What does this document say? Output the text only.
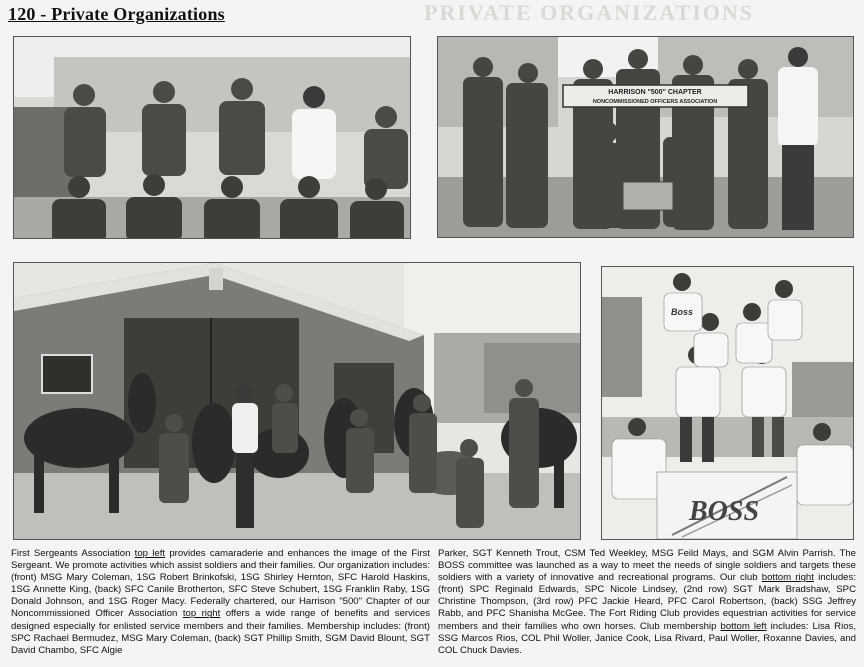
PRIVATE ORGANIZATIONS
120 - Private Organizations
HARRISON "500" CHAPTER
NONCOMMISSIONED OFFICERS ASSOCIATION
Boss
BOSS
First Sergeants Association top left provides camaraderie and enhances the image of the First Sergeant. We promote activities which assist soldiers and their families. Our organization includes: (front) MSG Mary Coleman, 1SG Robert Brinkofski, 1SG Shirley Hernton, SFC Harold Haskins, 1SG Annette King, (back) SFC Canile Brotherton, SFC Steve Schubert, 1SG Franklin Raby, 1SG Donald Johnson, and 1SG Roger Macy. Federally chartered, our Harrison "500" Chapter of our Noncommissioned Officer Association top right offers a wide range of benefits and services designed especially for enlisted service members and their families. Membership includes: (front) SPC Rachael Bermudez, MSG Mary Coleman, (back) SGT Phillip Smith, SGM David Blount, SGT David Chambo, SFC Algie
Parker, SGT Kenneth Trout, CSM Ted Weekley, MSG Feild Mays, and SGM Alvin Parrish. The BOSS committee was launched as a way to meet the needs of single soldiers and targets these soldiers with a variety of innovative and recreational programs. Our club bottom right includes: (front) SPC Reginald Edwards, SPC Nicole Lindsey, (2nd row) SGT Mark Bradshaw, SPC Christine Thompson, (3rd row) PFC Jackie Heard, PFC Carol Robertson, (back) SSG Jeffrey Rabb, and PFC Shanisha McGee. The Fort Riding Club provides equestrian activities for service members and their families who own horses. Club membership bottom left includes: Lisa Rios, SSG Marcos Rios, COL Phil Woller, Janice Cook, Lisa Rivard, Paul Woller, Roxanne Davies, and COL Chuck Davies.
